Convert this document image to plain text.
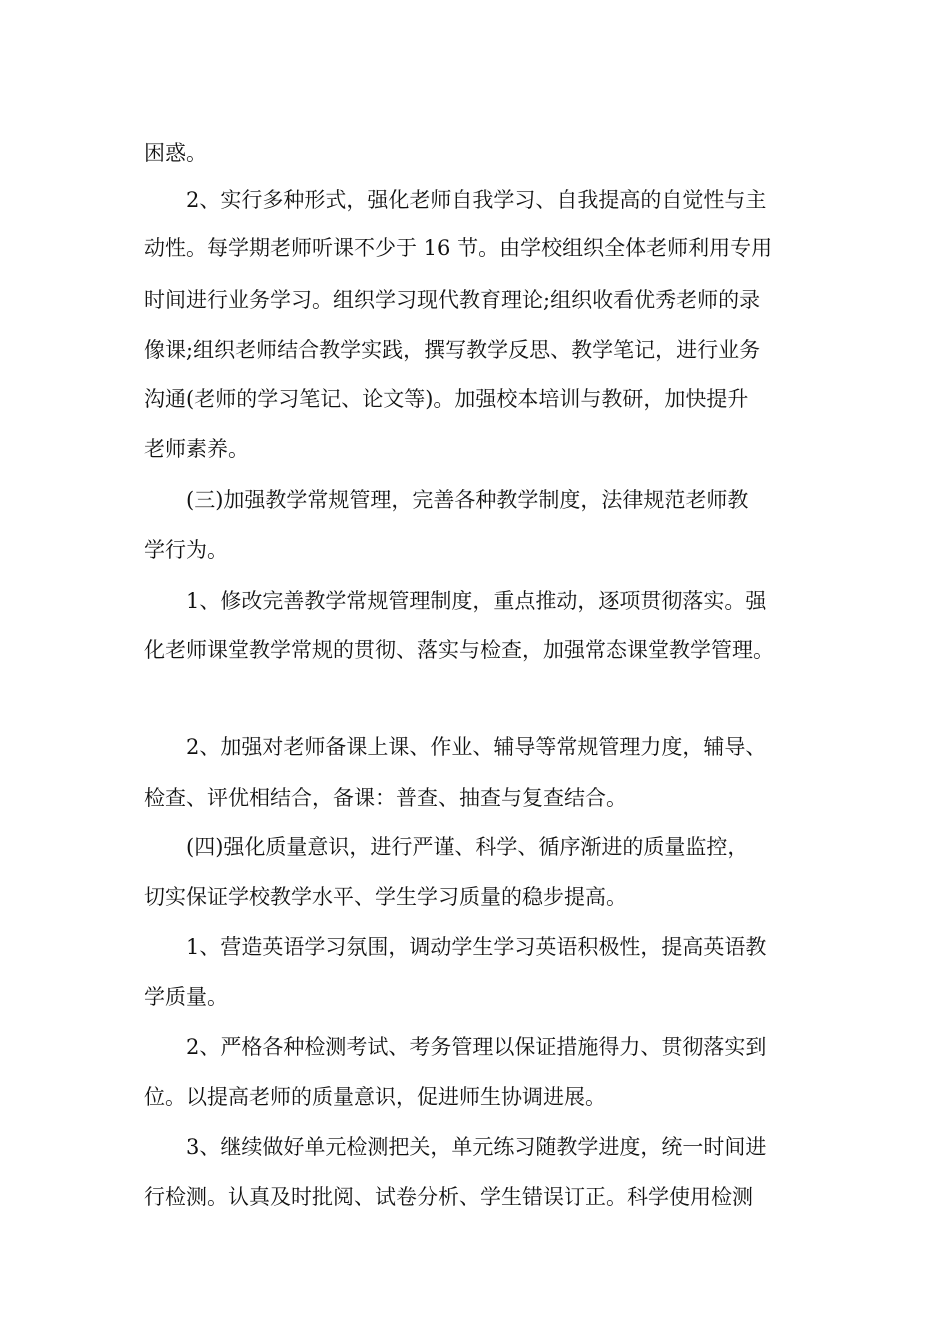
困惑。
2、实行多种形式，强化老师自我学习、自我提高的自觉性与主
动性。每学期老师听课不少于 16 节。由学校组织全体老师利用专用
时间进行业务学习。组织学习现代教育理论;组织收看优秀老师的录
像课;组织老师结合教学实践，撰写教学反思、教学笔记，进行业务
沟通(老师的学习笔记、论文等)。加强校本培训与教研，加快提升
老师素养。
(三)加强教学常规管理，完善各种教学制度，法律规范老师教
学行为。
1、修改完善教学常规管理制度，重点推动，逐项贯彻落实。强
化老师课堂教学常规的贯彻、落实与检查，加强常态课堂教学管理。
2、加强对老师备课上课、作业、辅导等常规管理力度，辅导、
检查、评优相结合，备课：普查、抽查与复查结合。
(四)强化质量意识，进行严谨、科学、循序渐进的质量监控，
切实保证学校教学水平、学生学习质量的稳步提高。
1、营造英语学习氛围，调动学生学习英语积极性，提高英语教
学质量。
2、严格各种检测考试、考务管理以保证措施得力、贯彻落实到
位。以提高老师的质量意识，促进师生协调进展。
3、继续做好单元检测把关，单元练习随教学进度，统一时间进
行检测。认真及时批阅、试卷分析、学生错误订正。科学使用检测
